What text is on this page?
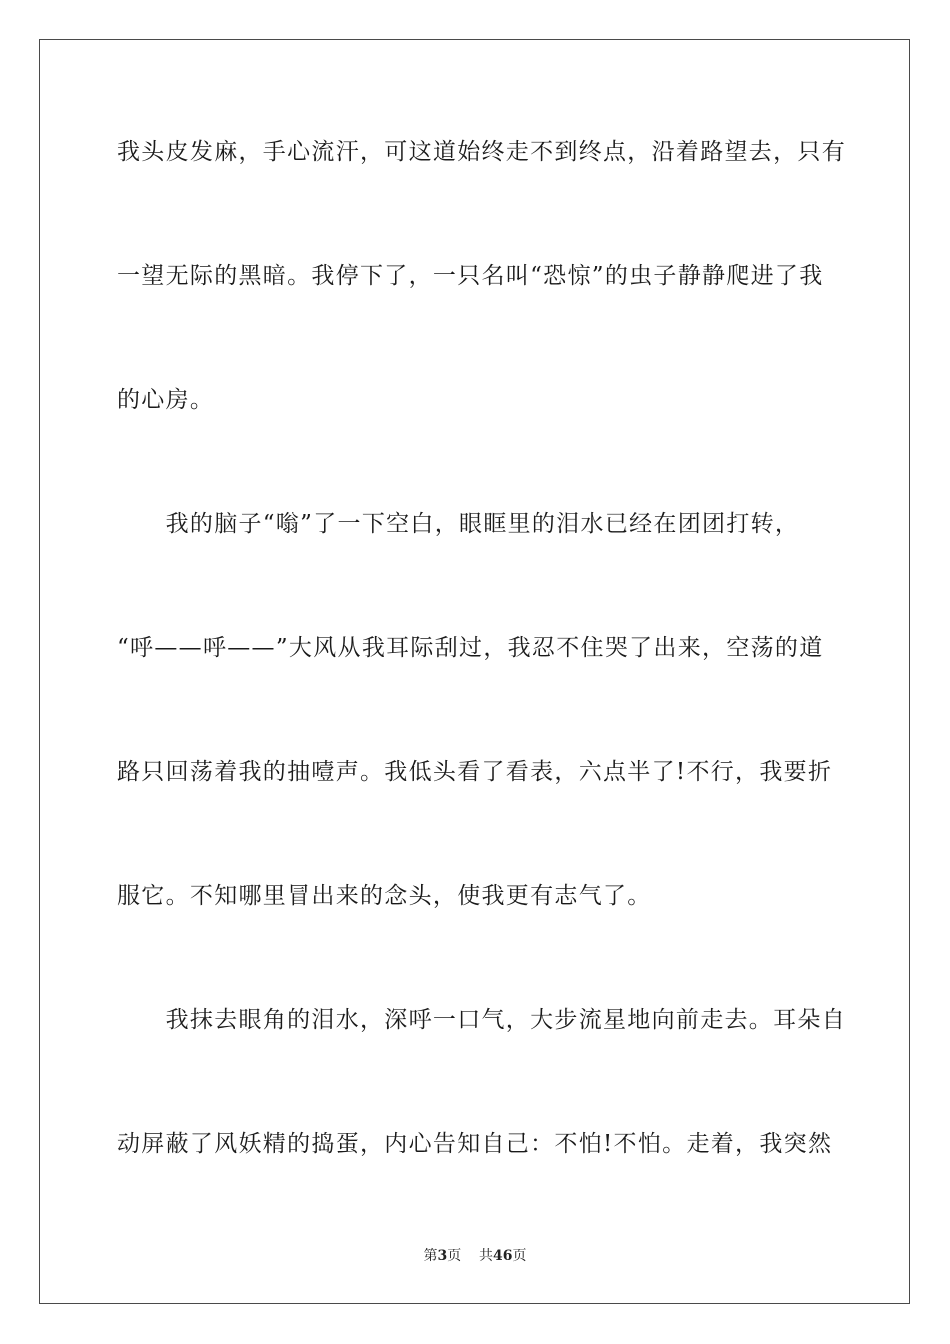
我头皮发麻，手心流汗，可这道始终走不到终点，沿着路望去，只有
一望无际的黑暗。我停下了，一只名叫“恐惊”的虫子静静爬进了我
的心房。
　　我的脑子“嗡”了一下空白，眼眶里的泪水已经在团团打转，
“呼——呼——”大风从我耳际刮过，我忍不住哭了出来，空荡的道
路只回荡着我的抽噎声。我低头看了看表，六点半了!不行，我要折
服它。不知哪里冒出来的念头，使我更有志气了。
　　我抹去眼角的泪水，深呼一口气，大步流星地向前走去。耳朵自
动屏蔽了风妖精的捣蛋，内心告知自己：不怕!不怕。走着，我突然
第3页 共46页
